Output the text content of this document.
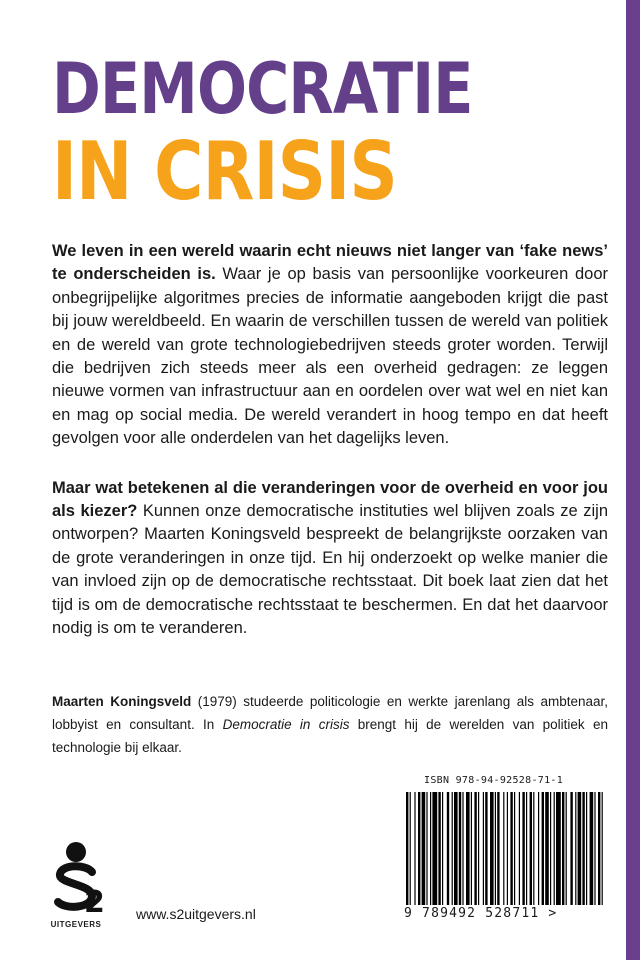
DEMOCRATIE
IN CRISIS

We leven in een wereld waarin echt nieuws niet langer van ‘fake news’ te onderscheiden is. Waar je op basis van persoonlijke voorkeuren door onbegrijpelijke algoritmes precies de informatie aangeboden krijgt die past bij jouw wereldbeeld. En waarin de verschillen tussen de wereld van politiek en de wereld van grote technologiebedrijven steeds groter worden. Terwijl die bedrijven zich steeds meer als een overheid gedragen: ze leggen nieuwe vormen van infrastructuur aan en oordelen over wat wel en niet kan en mag op social media. De wereld verandert in hoog tempo en dat heeft gevolgen voor alle onderdelen van het dagelijks leven.

Maar wat betekenen al die veranderingen voor de overheid en voor jou als kiezer? Kunnen onze democratische instituties wel blijven zoals ze zijn ontworpen? Maarten Koningsveld bespreekt de belangrijkste oorzaken van de grote veranderingen in onze tijd. En hij onderzoekt op welke manier die van invloed zijn op de democratische rechtsstaat. Dit boek laat zien dat het tijd is om de democratische rechtsstaat te beschermen. En dat het daarvoor nodig is om te veranderen.

Maarten Koningsveld (1979) studeerde politicologie en werkte jarenlang als ambtenaar, lobbyist en consultant. In Democratie in crisis brengt hij de werelden van politiek en technologie bij elkaar.
2
UITGEVERS
www.s2uitgevers.nl
ISBN 978-94-92528-71-1
9 789492 528711 >
